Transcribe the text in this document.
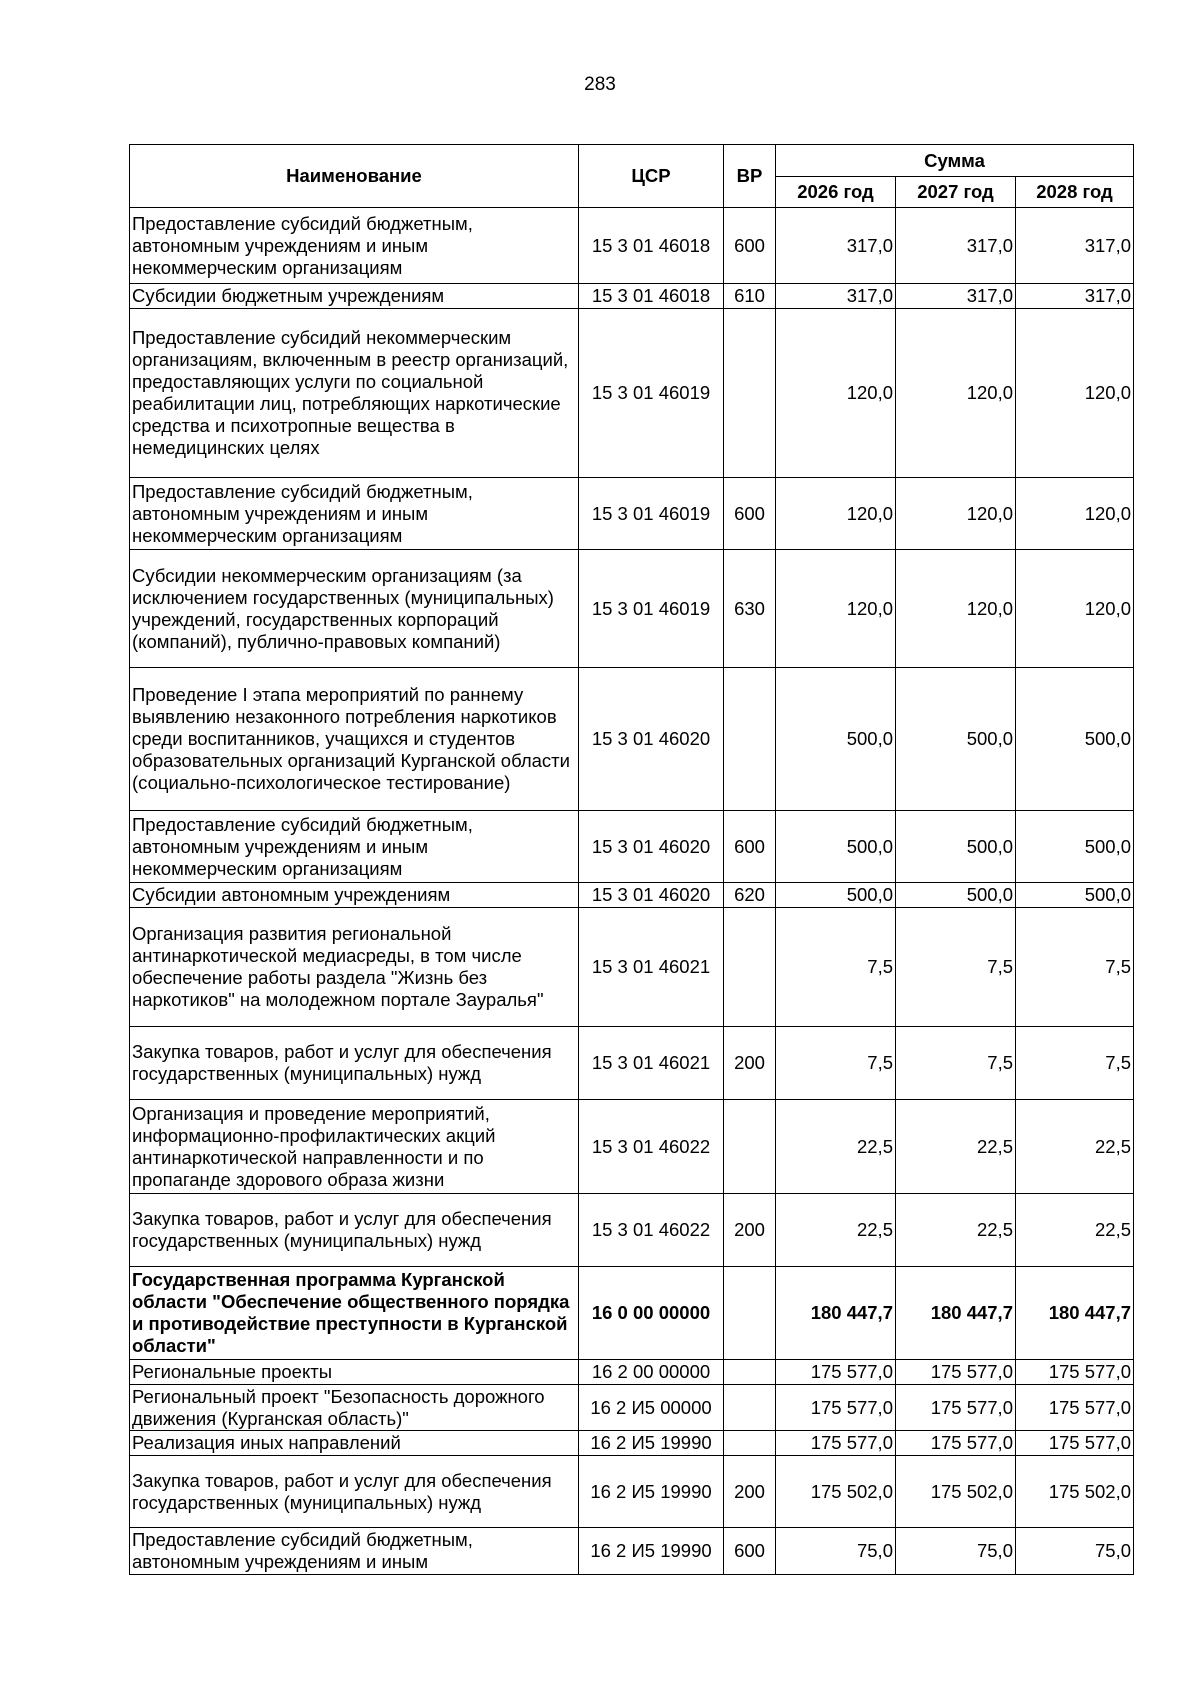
283
Наименование	ЦСР	ВР	Сумма		
			2026 год	2027 год	2028 год
Предоставление субсидий бюджетным, автономным учреждениям и иным некоммерческим организациям	15 3 01 46018	600	317,0	317,0	317,0
Субсидии бюджетным учреждениям	15 3 01 46018	610	317,0	317,0	317,0
Предоставление субсидий некоммерческим организациям, включенным в реестр организаций, предоставляющих услуги по социальной реабилитации лиц, потребляющих наркотические средства и психотропные вещества в немедицинских целях	15 3 01 46019		120,0	120,0	120,0
Предоставление субсидий бюджетным, автономным учреждениям и иным некоммерческим организациям	15 3 01 46019	600	120,0	120,0	120,0
Субсидии некоммерческим организациям (за исключением государственных (муниципальных) учреждений, государственных корпораций (компаний), публично-правовых компаний)	15 3 01 46019	630	120,0	120,0	120,0
Проведение I этапа мероприятий по раннему выявлению незаконного потребления наркотиков среди воспитанников, учащихся и студентов образовательных организаций Курганской области (социально-психологическое тестирование)	15 3 01 46020		500,0	500,0	500,0
Предоставление субсидий бюджетным, автономным учреждениям и иным некоммерческим организациям	15 3 01 46020	600	500,0	500,0	500,0
Субсидии автономным учреждениям	15 3 01 46020	620	500,0	500,0	500,0
Организация развития региональной антинаркотической медиасреды, в том числе обеспечение работы раздела "Жизнь без наркотиков" на молодежном портале Зауралья"	15 3 01 46021		7,5	7,5	7,5
Закупка товаров, работ и услуг для обеспечения государственных (муниципальных) нужд	15 3 01 46021	200	7,5	7,5	7,5
Организация и проведение мероприятий, информационно-профилактических акций антинаркотической направленности и по пропаганде здорового образа жизни	15 3 01 46022		22,5	22,5	22,5
Закупка товаров, работ и услуг для обеспечения государственных (муниципальных) нужд	15 3 01 46022	200	22,5	22,5	22,5
Государственная программа Курганской области "Обеспечение общественного порядка и противодействие преступности в Курганской области"	16 0 00 00000		180 447,7	180 447,7	180 447,7
Региональные проекты	16 2 00 00000		175 577,0	175 577,0	175 577,0
Региональный проект "Безопасность дорожного движения (Курганская область)"	16 2 И5 00000		175 577,0	175 577,0	175 577,0
Реализация иных направлений	16 2 И5 19990		175 577,0	175 577,0	175 577,0
Закупка товаров, работ и услуг для обеспечения государственных (муниципальных) нужд	16 2 И5 19990	200	175 502,0	175 502,0	175 502,0
Предоставление субсидий бюджетным, автономным учреждениям и иным	16 2 И5 19990	600	75,0	75,0	75,0
